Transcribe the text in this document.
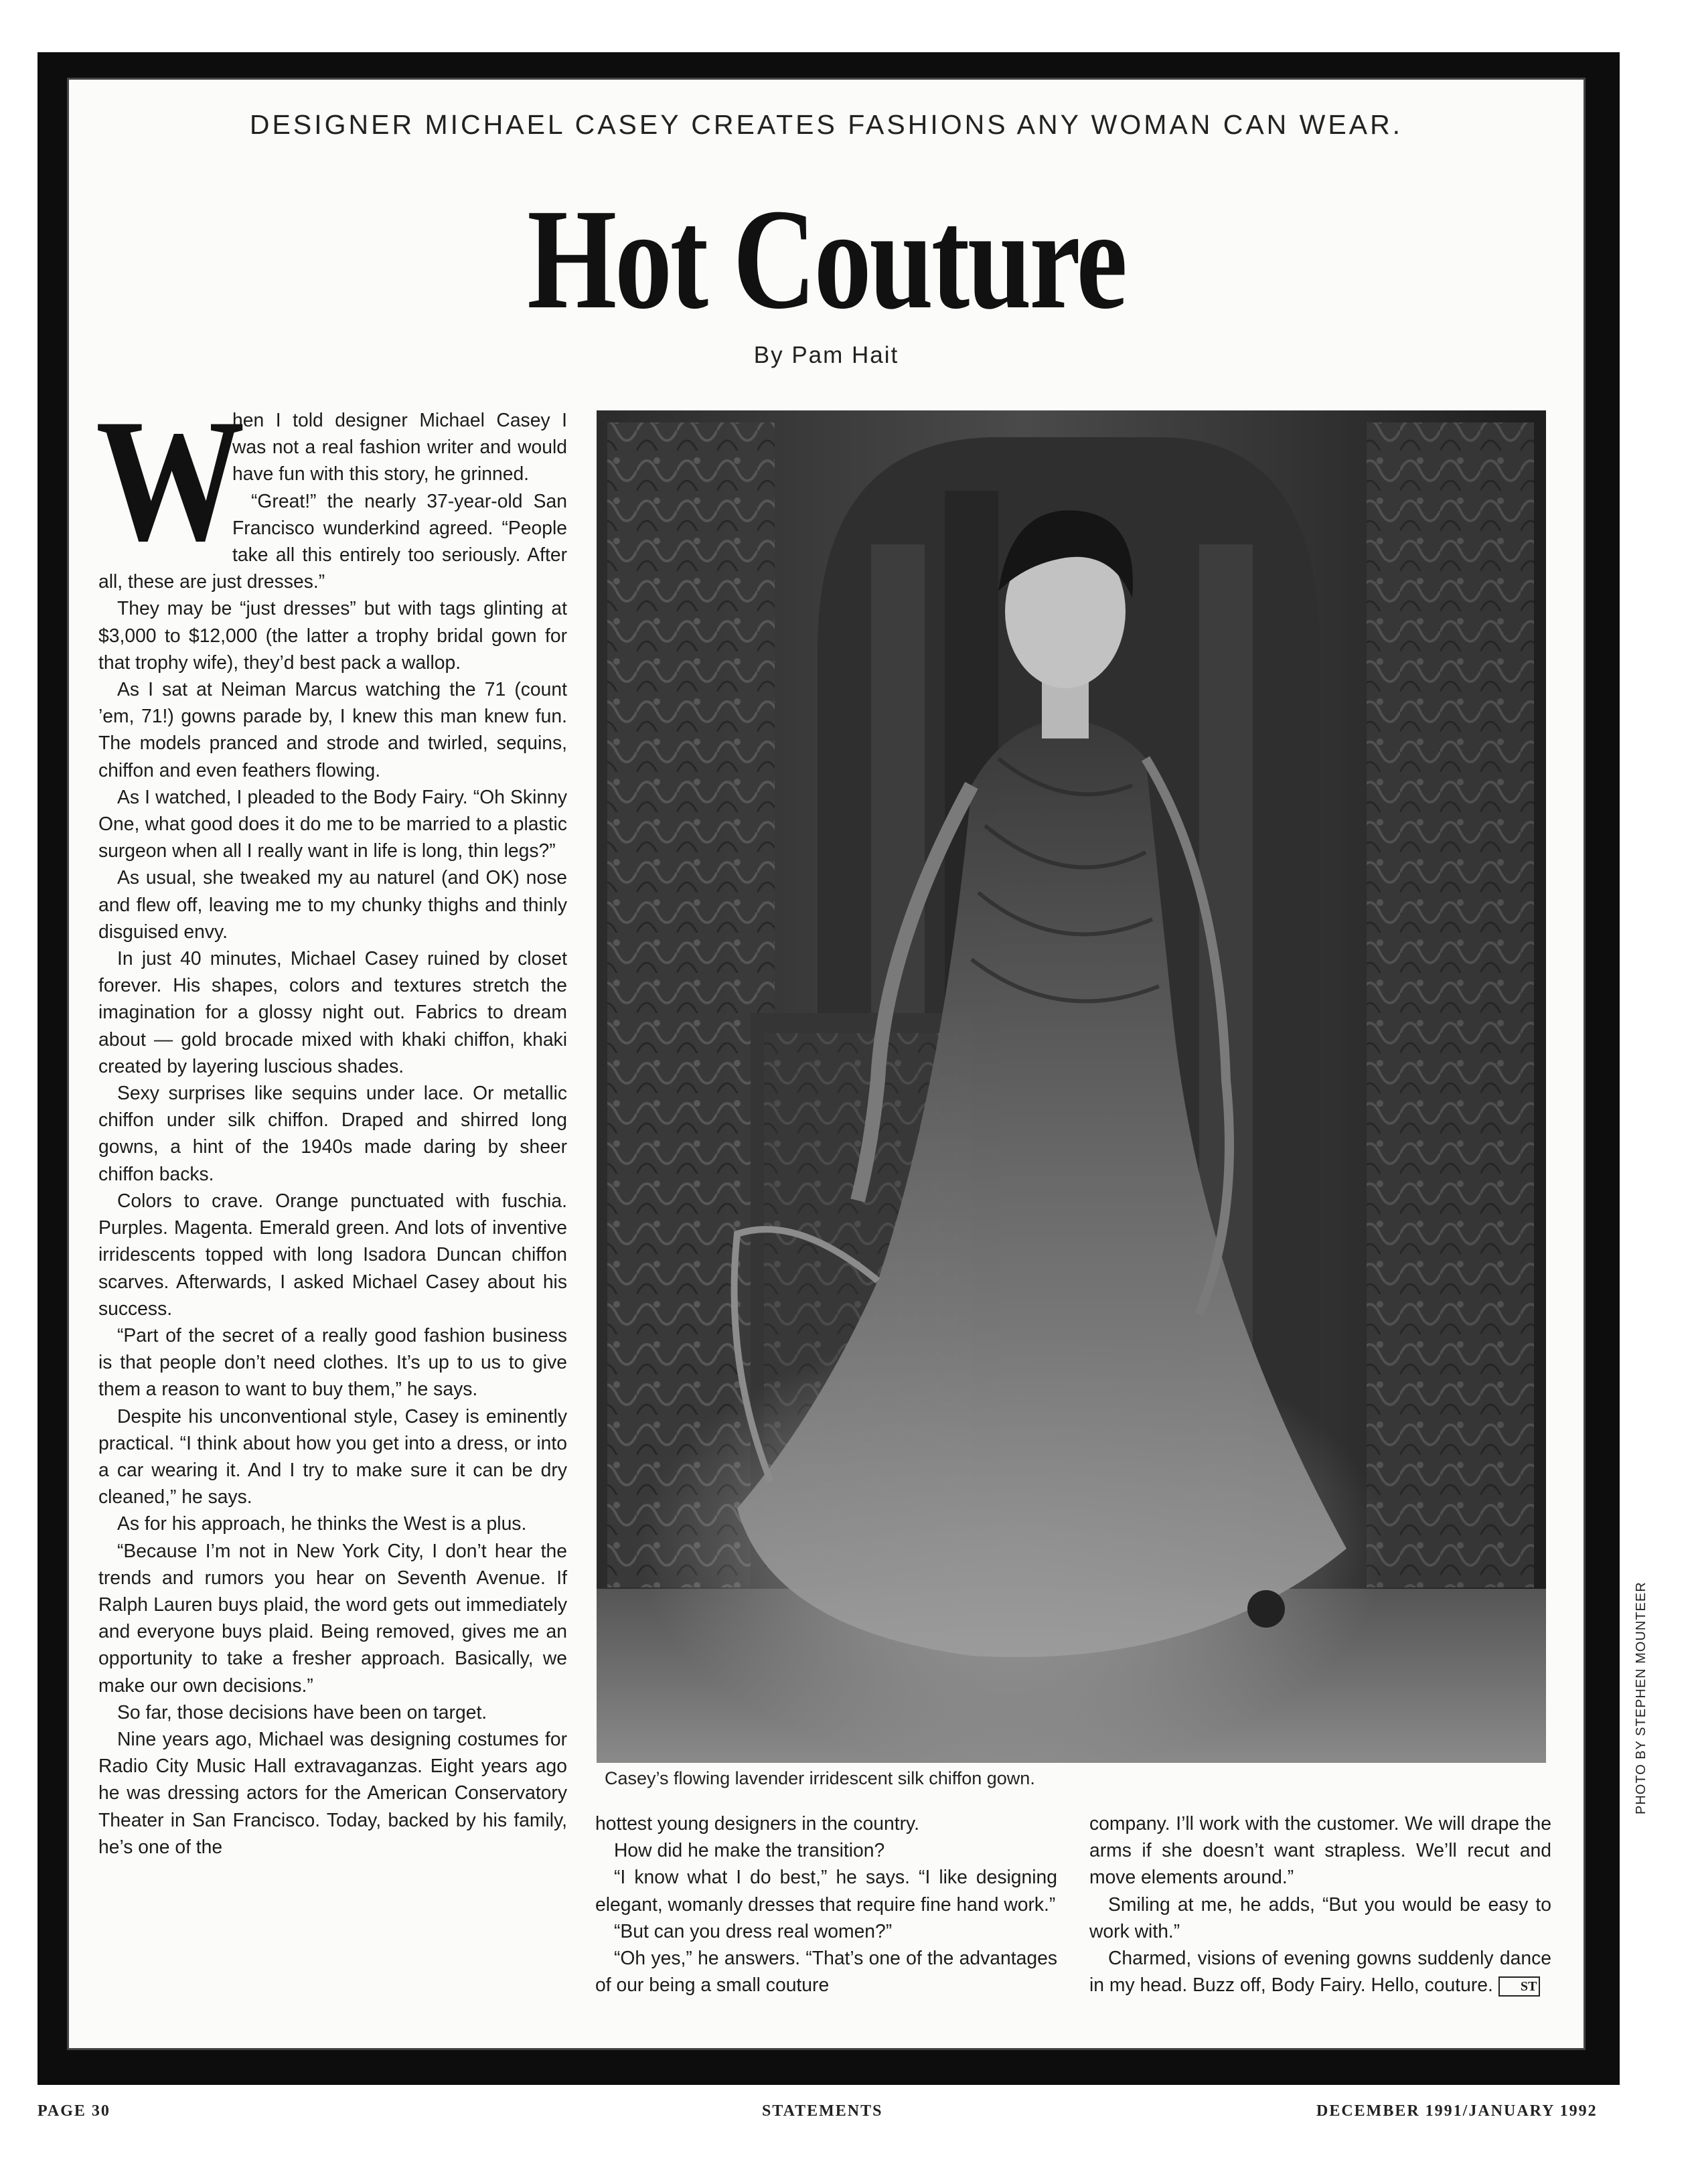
DESIGNER MICHAEL CASEY CREATES FASHIONS ANY WOMAN CAN WEAR.
Hot Couture
By Pam Hait
W

hen I told designer Michael Casey I was not a real fashion writer and would have fun with this story, he grinned.

“Great!” the nearly 37-year-old San Francisco wunderkind agreed. “People take all this entirely too seriously. After all, these are just dresses.”

They may be “just dresses” but with tags glinting at $3,000 to $12,000 (the latter a trophy bridal gown for that trophy wife), they’d best pack a wallop.

As I sat at Neiman Marcus watching the 71 (count ’em, 71!) gowns parade by, I knew this man knew fun. The models pranced and strode and twirled, sequins, chiffon and even feathers flowing.

As I watched, I pleaded to the Body Fairy. “Oh Skinny One, what good does it do me to be married to a plastic surgeon when all I really want in life is long, thin legs?”

As usual, she tweaked my au naturel (and OK) nose and flew off, leaving me to my chunky thighs and thinly disguised envy.

In just 40 minutes, Michael Casey ruined by closet forever. His shapes, colors and textures stretch the imagination for a glossy night out. Fabrics to dream about — gold brocade mixed with khaki chiffon, khaki created by layering luscious shades.

Sexy surprises like sequins under lace. Or metallic chiffon under silk chiffon. Draped and shirred long gowns, a hint of the 1940s made daring by sheer chiffon backs.

Colors to crave. Orange punctuated with fuschia. Purples. Magenta. Emerald green. And lots of inventive irridescents topped with long Isadora Duncan chiffon scarves. Afterwards, I asked Michael Casey about his success.

“Part of the secret of a really good fashion business is that people don’t need clothes. It’s up to us to give them a reason to want to buy them,” he says.

Despite his unconventional style, Casey is eminently practical. “I think about how you get into a dress, or into a car wearing it. And I try to make sure it can be dry cleaned,” he says.

As for his approach, he thinks the West is a plus.

“Because I’m not in New York City, I don’t hear the trends and rumors you hear on Seventh Avenue. If Ralph Lauren buys plaid, the word gets out immediately and everyone buys plaid. Being removed, gives me an opportunity to take a fresher approach. Basically, we make our own decisions.”

So far, those decisions have been on target.

Nine years ago, Michael was designing costumes for Radio City Music Hall extravaganzas. Eight years ago he was dressing actors for the American Conservatory Theater in San Francisco. Today, backed by his family, he’s one of the

Casey’s flowing lavender irridescent silk chiffon gown.

hottest young designers in the country.

How did he make the transition?

“I know what I do best,” he says. “I like designing elegant, womanly dresses that require fine hand work.”

“But can you dress real women?”

“Oh yes,” he answers. “That’s one of the advantages of our being a small couture

company. I’ll work with the customer. We will drape the arms if she doesn’t want strapless. We’ll recut and move elements around.”

Smiling at me, he adds, “But you would be easy to work with.”

Charmed, visions of evening gowns suddenly dance in my head. Buzz off, Body Fairy. Hello, couture. ST

PHOTO BY STEPHEN MOUNTEER
PAGE 30	STATEMENTS	DECEMBER 1991/JANUARY 1992
